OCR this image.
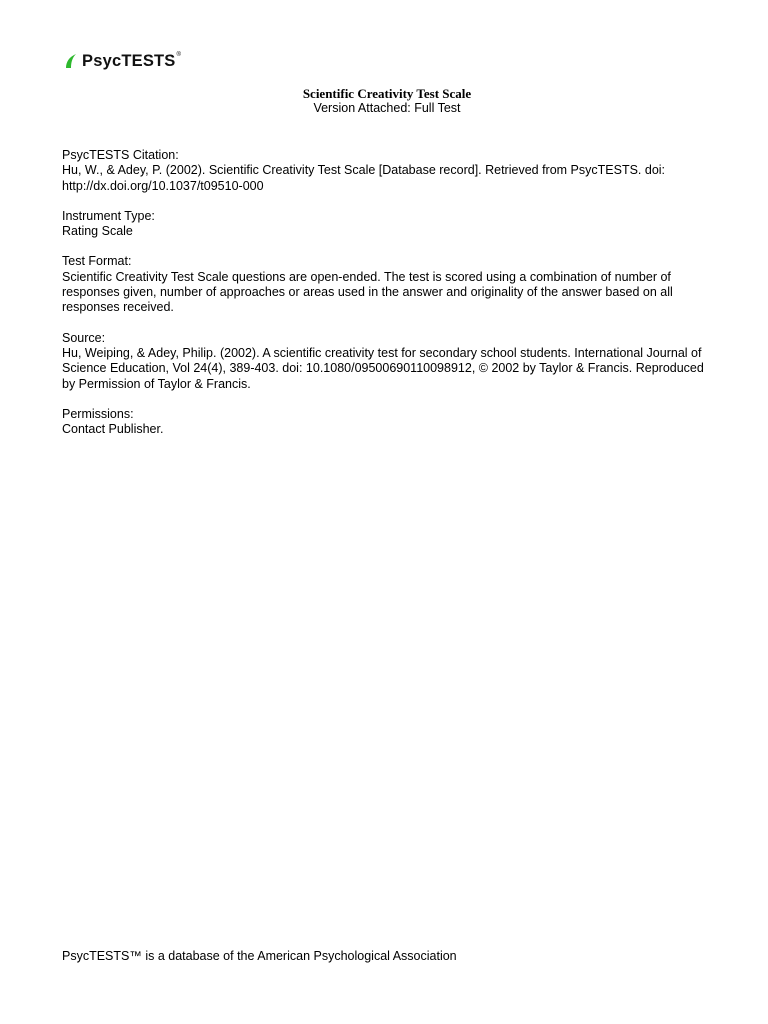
PsycTESTS ®
Scientific Creativity Test Scale
Version Attached: Full Test
PsycTESTS Citation:
Hu, W., & Adey, P. (2002). Scientific Creativity Test Scale [Database record]. Retrieved from PsycTESTS. doi:
http://dx.doi.org/10.1037/t09510-000
Instrument Type:
Rating Scale
Test Format:
Scientific Creativity Test Scale questions are open-ended. The test is scored using a combination of number of
responses given, number of approaches or areas used in the answer and originality of the answer based on all
responses received.
Source:
Hu, Weiping, & Adey, Philip. (2002). A scientific creativity test for secondary school students. International Journal of
Science Education, Vol 24(4), 389-403. doi: 10.1080/09500690110098912, © 2002 by Taylor & Francis. Reproduced
by Permission of Taylor & Francis.
Permissions:
Contact Publisher.
PsycTESTS™ is a database of the American Psychological Association
